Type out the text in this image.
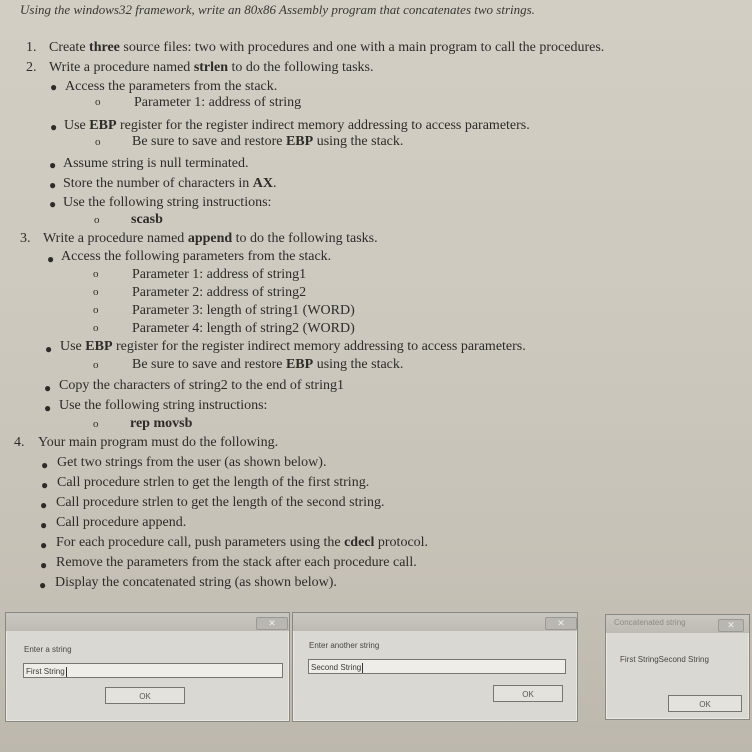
Using the windows32 framework, write an 80x86 Assembly program that concatenates two strings.
1. Create three source files: two with procedures and one with a main program to call the procedures.
2. Write a procedure named strlen to do the following tasks.
● Access the parameters from the stack.
o Parameter 1: address of string
● Use EBP register for the register indirect memory addressing to access parameters.
o Be sure to save and restore EBP using the stack.
● Assume string is null terminated.
● Store the number of characters in AX.
● Use the following string instructions:
o scasb
3. Write a procedure named append to do the following tasks.
● Access the following parameters from the stack.
o Parameter 1: address of string1
o Parameter 2: address of string2
o Parameter 3: length of string1 (WORD)
o Parameter 4: length of string2 (WORD)
● Use EBP register for the register indirect memory addressing to access parameters.
o Be sure to save and restore EBP using the stack.
● Copy the characters of string2 to the end of string1
● Use the following string instructions:
o rep movsb
4. Your main program must do the following.
● Get two strings from the user (as shown below).
● Call procedure strlen to get the length of the first string.
● Call procedure strlen to get the length of the second string.
● Call procedure append.
● For each procedure call, push parameters using the cdecl protocol.
● Remove the parameters from the stack after each procedure call.
● Display the concatenated string (as shown below).
✕
Enter a string
First String
OK
✕
Enter another string
Second String
OK
Concatenated string	✕
First StringSecond String
OK
